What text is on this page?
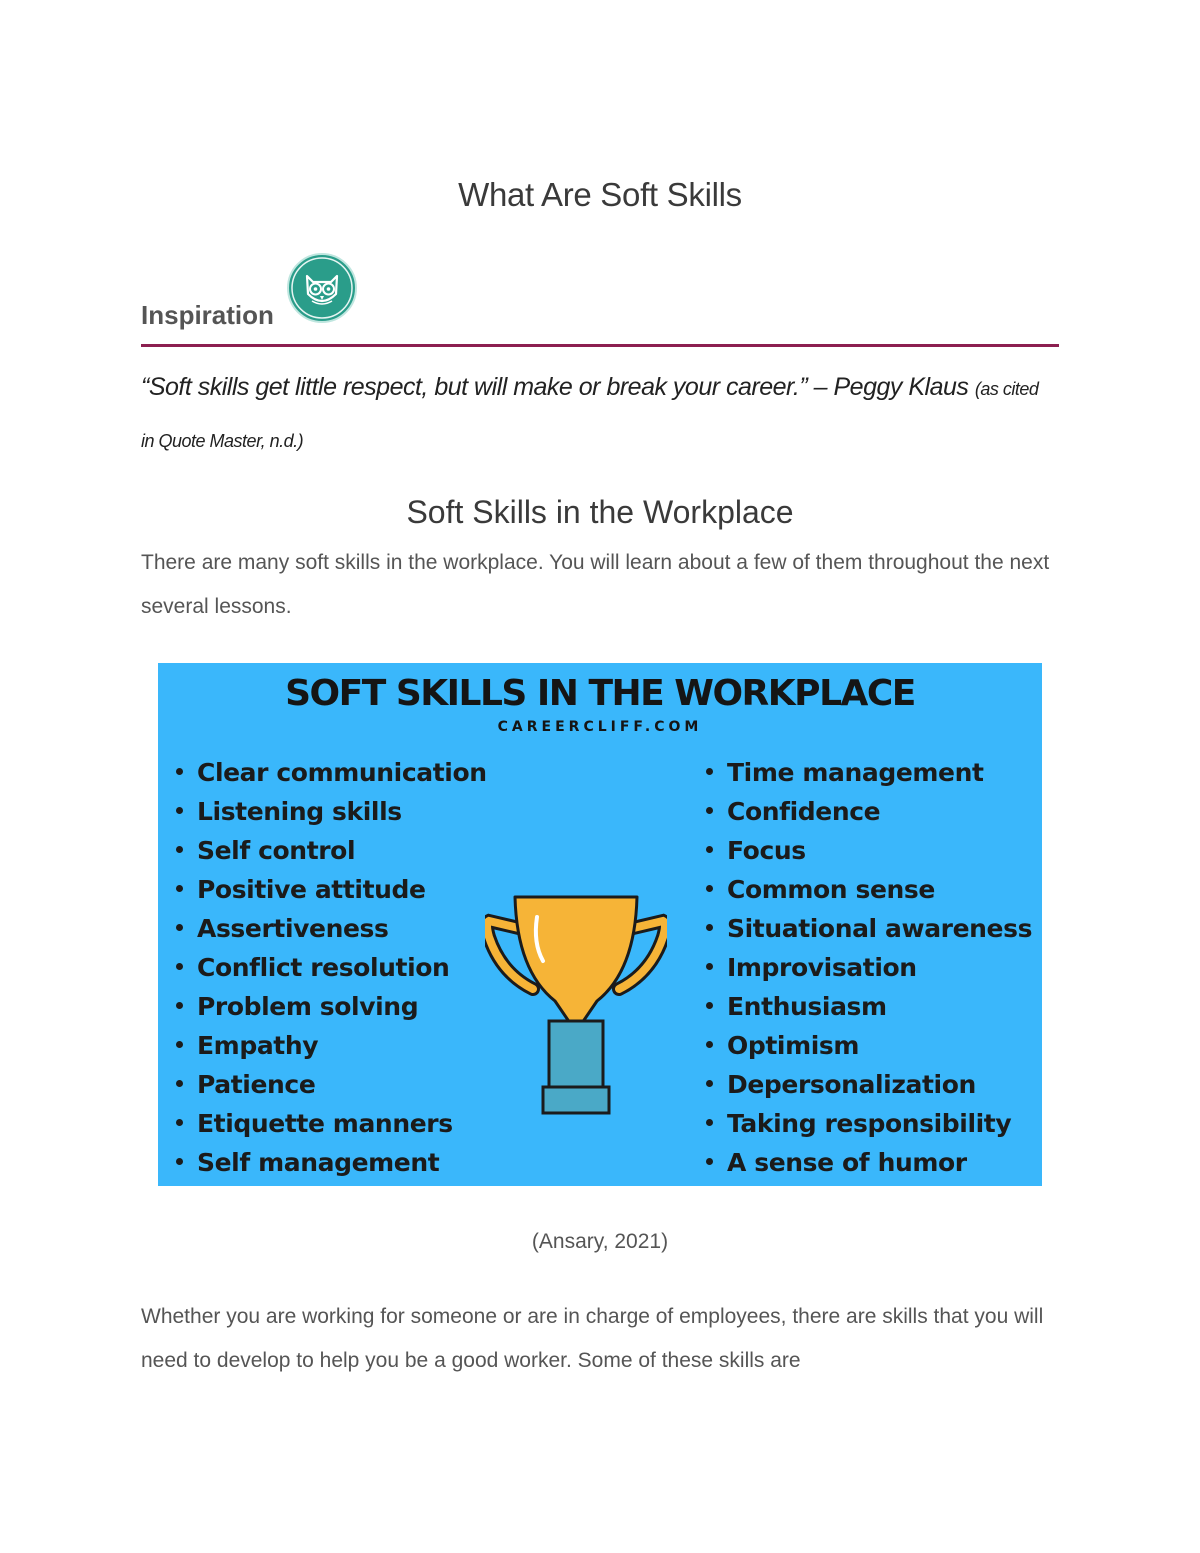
What Are Soft Skills
Inspiration
“Soft skills get little respect, but will make or break your career.” – Peggy Klaus (as cited in Quote Master, n.d.)
Soft Skills in the Workplace
There are many soft skills in the workplace. You will learn about a few of them throughout the next several lessons.
SOFT SKILLS IN THE WORKPLACE
CAREERCLIFF.COM
Clear communication
Listening skills
Self control
Positive attitude
Assertiveness
Conflict resolution
Problem solving
Empathy
Patience
Etiquette manners
Self management
Time management
Confidence
Focus
Common sense
Situational awareness
Improvisation
Enthusiasm
Optimism
Depersonalization
Taking responsibility
A sense of humor
(Ansary, 2021)
Whether you are working for someone or are in charge of employees, there are skills that you will need to develop to help you be a good worker. Some of these skills are
